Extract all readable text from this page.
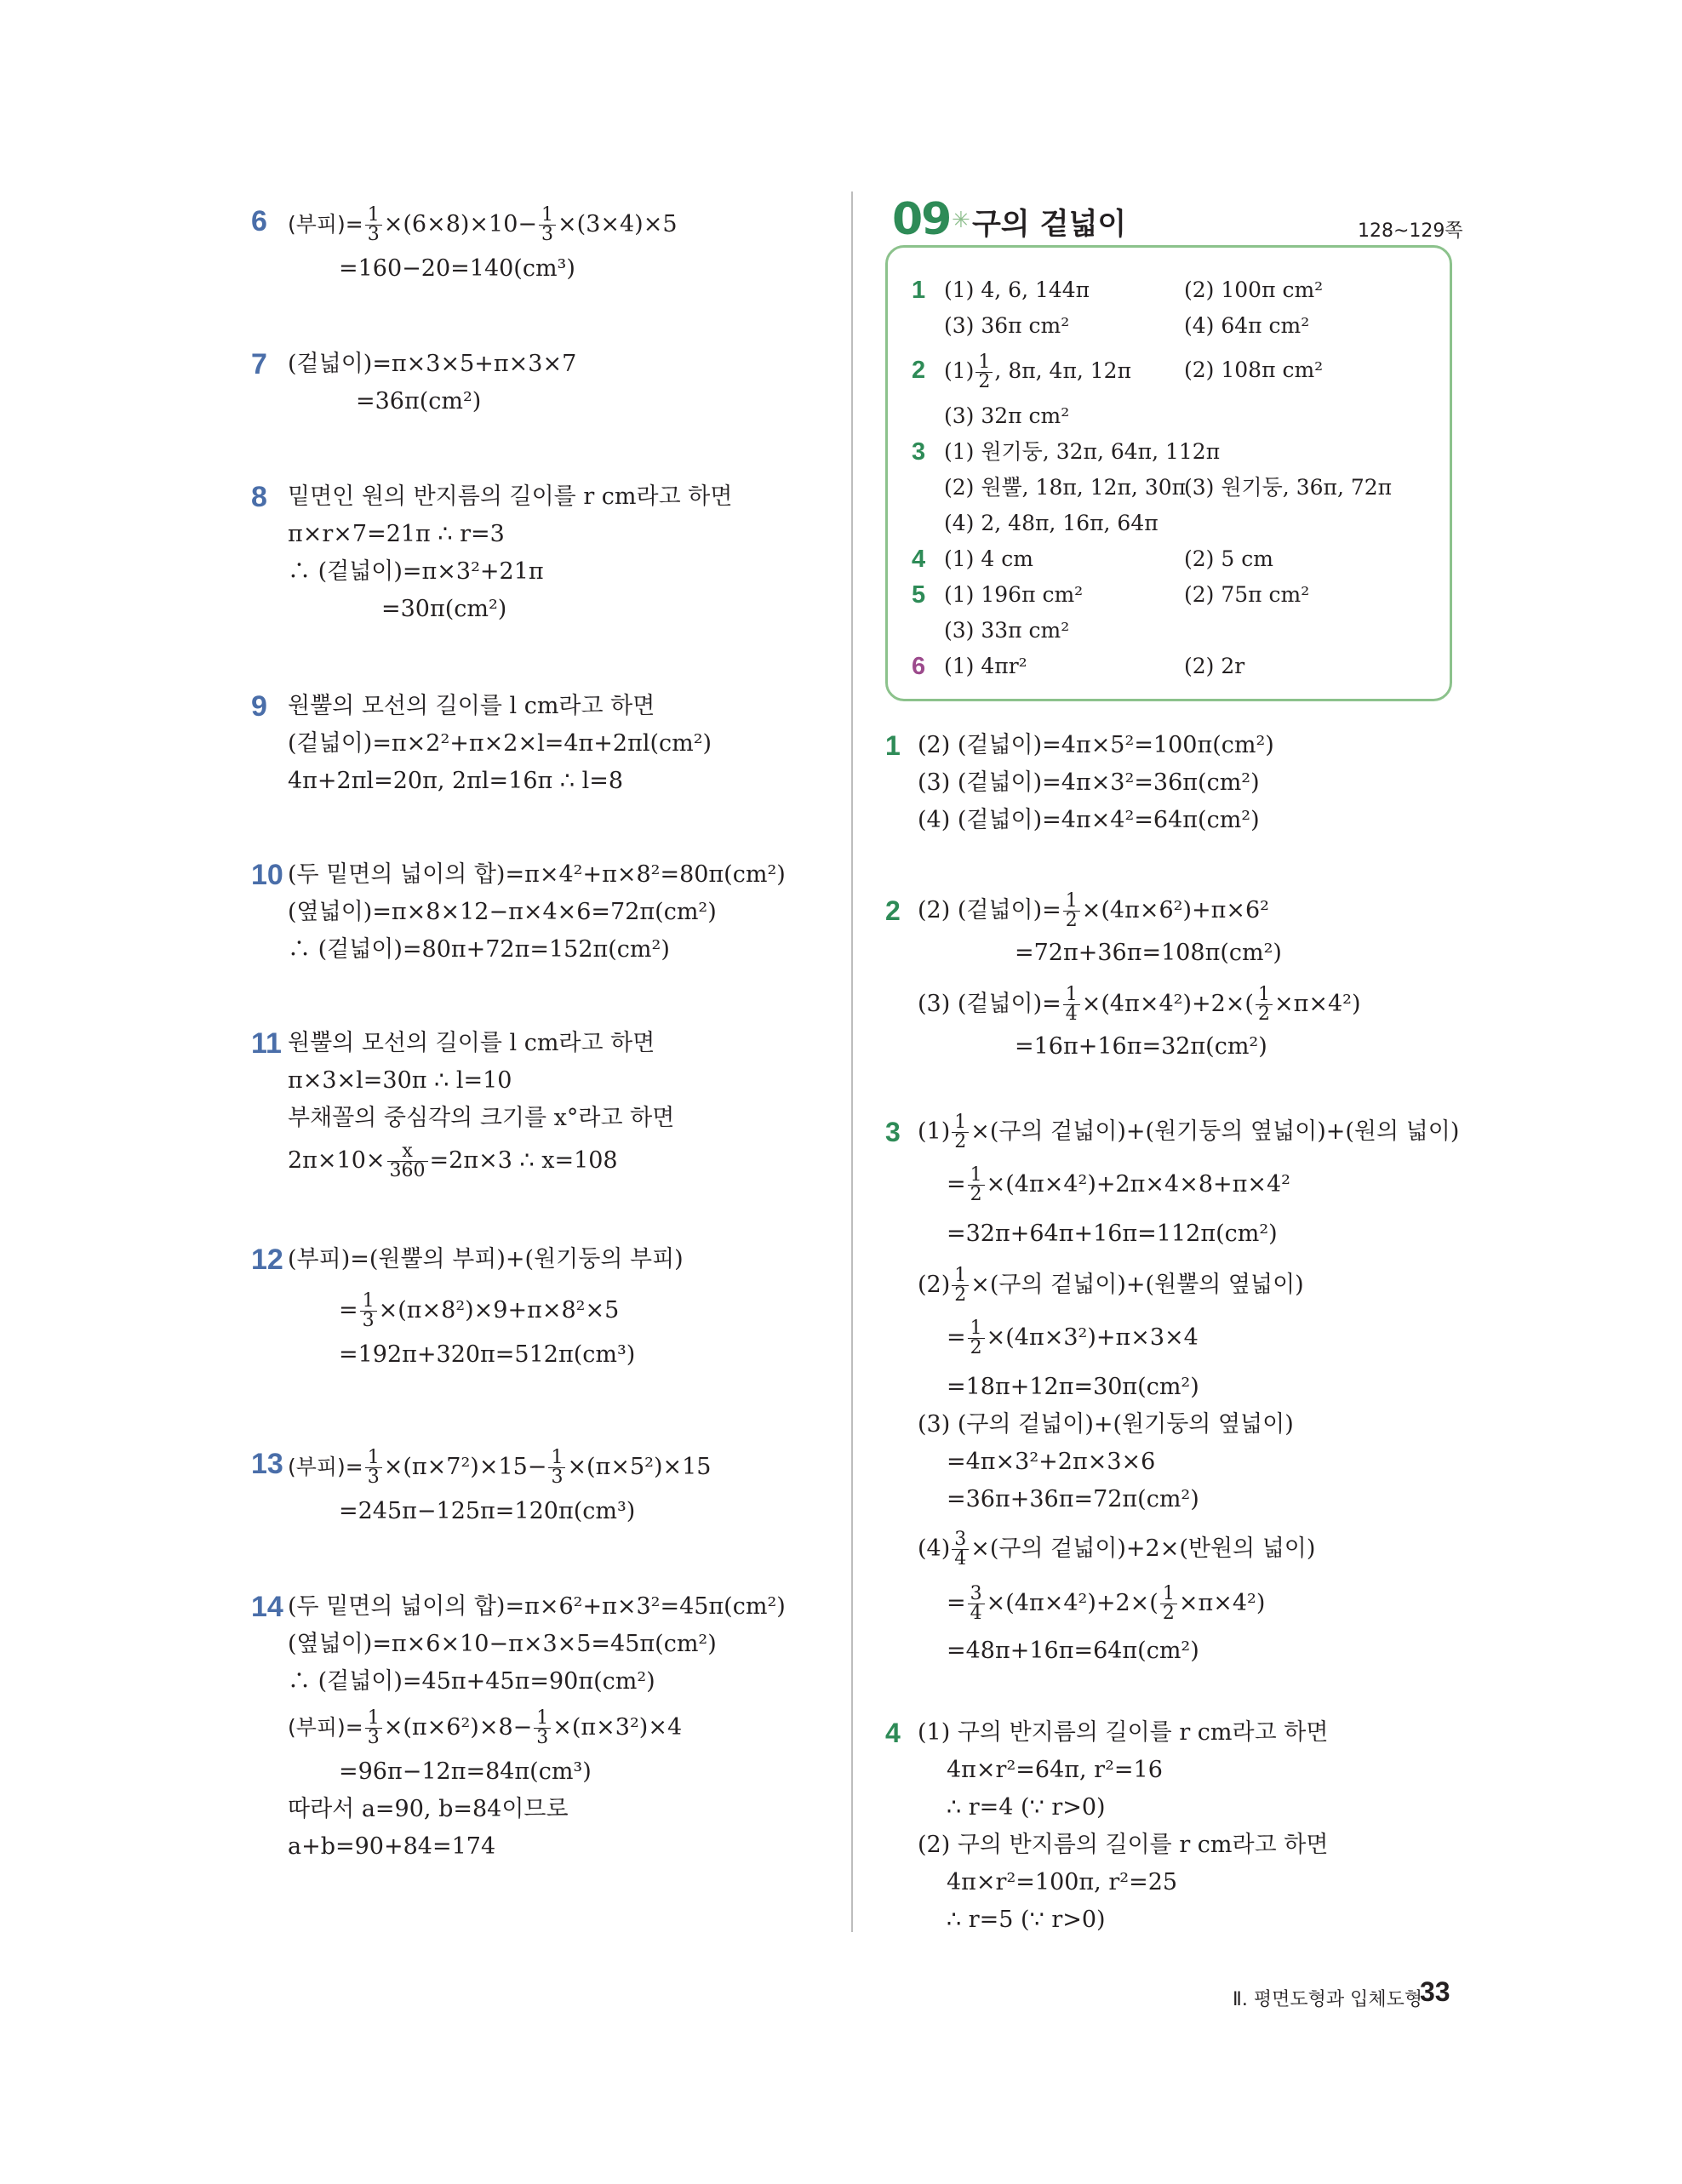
6 (부피)= $\frac{1}{3} \times(6\times 8)\times 10- \frac{1}{3} \times(3\times 4)\times 5$
=160−20=140(cm³)
7 (겉넓이)=π×3×5+π×3×7
=36π(cm²)
8 밑면인 원의 반지름의 길이를 r cm라고 하면
π×r×7=21π ∴ r=3
∴ (겉넓이)=π×3²+21π
=30π(cm²)
9 원뿔의 모선의 길이를 l cm라고 하면
(겉넓이)=π×2²+π×2×l=4π+2πl(cm²)
4π+2πl=20π, 2πl=16π ∴ l=8
10 (두 밑면의 넓이의 합)=π×4²+π×8²=80π(cm²)
(옆넓이)=π×8×12−π×4×6=72π(cm²)
∴ (겉넓이)=80π+72π=152π(cm²)
11 원뿔의 모선의 길이를 l cm라고 하면
π×3×l=30π ∴ l=10
부채꼴의 중심각의 크기를 x°라고 하면
$2\pi\times 10\times \frac{x}{360} =2\pi\times 3$ ∴ x=108
12 (부피)=(원뿔의 부피)+(원기둥의 부피)
= $\frac{1}{3} \times(\pi\times 8^2)\times 9+\pi\times 8^2\times 5$
=192π+320π=512π(cm³)
13 (부피)= $\frac{1}{3} \times(\pi\times 7^2)\times 15- \frac{1}{3} \times(\pi\times 5^2)\times 15$
=245π−125π=120π(cm³)
14 (두 밑면의 넓이의 합)=π×6²+π×3²=45π(cm²)
(옆넓이)=π×6×10−π×3×5=45π(cm²)
∴ (겉넓이)=45π+45π=90π(cm²)
(부피)= $\frac{1}{3} \times(\pi\times 6^2)\times 8- \frac{1}{3} \times(\pi\times 3^2)\times 4$
=96π−12π=84π(cm³)
따라서 a=90, b=84이므로
a+b=90+84=174
09 ✳ 구의 겉넓이	128~129쪽
1 (1) 4, 6, 144π	(2) 100π cm²
(3) 36π cm²	(4) 64π cm²
2 $(1) \frac{1}{2}$ , 8π, 4π, 12π (2) 108π cm²
(3) 32π cm²
3 (1) 원기둥, 32π, 64π, 112π
(2) 원뿔, 18π, 12π, 30π
(3) 원기둥, 36π, 72π
(4) 2, 48π, 16π, 64π
4 (1) 4 cm	(2) 5 cm
5 (1) 196π cm²	(2) 75π cm²
(3) 33π cm²
6 (1) 4πr²	(2) 2r
1 (2) (겉넓이)=4π×5²=100π(cm²)
(3) (겉넓이)=4π×3²=36π(cm²)
(4) (겉넓이)=4π×4²=64π(cm²)
2 (2) (겉넓이)= $\frac{1}{2} \times(4\pi\times 6^2)+\pi\times 6^2$
=72π+36π=108π(cm²)
(3) (겉넓이)= $\frac{1}{4} \times(4\pi\times 4^2)+2\times( \frac{1}{2} \times\pi\times 4^2)$
=16π+16π=32π(cm²)
3 $(1) \frac{1}{2}$ ×(구의 겉넓이)+(원기둥의 옆넓이)+(원의 넓이)
= $\frac{1}{2} \times(4\pi\times 4^2)+2\pi\times 4\times 8+\pi\times 4^2$
=32π+64π+16π=112π(cm²)
$(2) \frac{1}{2}$ ×(구의 겉넓이)+(원뿔의 옆넓이)
= $\frac{1}{2} \times(4\pi\times 3^2)+\pi\times 3\times 4$
=18π+12π=30π(cm²)
(3) (구의 겉넓이)+(원기둥의 옆넓이)
=4π×3²+2π×3×6
=36π+36π=72π(cm²)
$(4) \frac{3}{4}$ ×(구의 겉넓이)+2×(반원의 넓이)
= $\frac{3}{4} \times(4\pi\times 4^2)+2\times( \frac{1}{2} \times\pi\times 4^2)$
=48π+16π=64π(cm²)
4 (1) 구의 반지름의 길이를 r cm라고 하면
4π×r²=64π, r²=16
∴ r=4 (∵ r>0)
(2) 구의 반지름의 길이를 r cm라고 하면
4π×r²=100π, r²=25
∴ r=5 (∵ r>0)
Ⅱ. 평면도형과 입체도형
33
